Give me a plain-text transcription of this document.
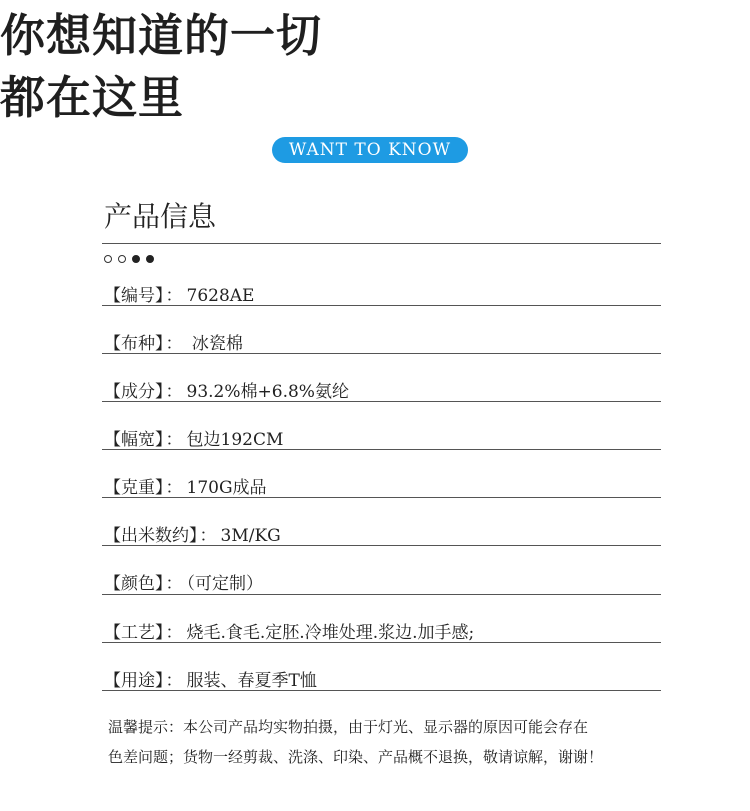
你想知道的一切
都在这里
WANT TO KNOW
产品信息
【编号】 ： 7628AE
【布种】 ： 冰瓷棉
【成分】 ： 93.2%棉+6.8%氨纶
【幅宽】 ： 包边192CM
【克重】 ： 170G成品
【出米数约】 ： 3M/KG
【颜色】 ： （可定制）
【工艺】 ： 烧毛.食毛.定胚.冷堆处理.浆边.加手感;
【用途】 ： 服装、春夏季T恤
温馨提示：本公司产品均实物拍摄，由于灯光、显示器的原因可能会存在
色差问题；货物一经剪裁、洗涤、印染、产品概不退换，敬请谅解，谢谢！
